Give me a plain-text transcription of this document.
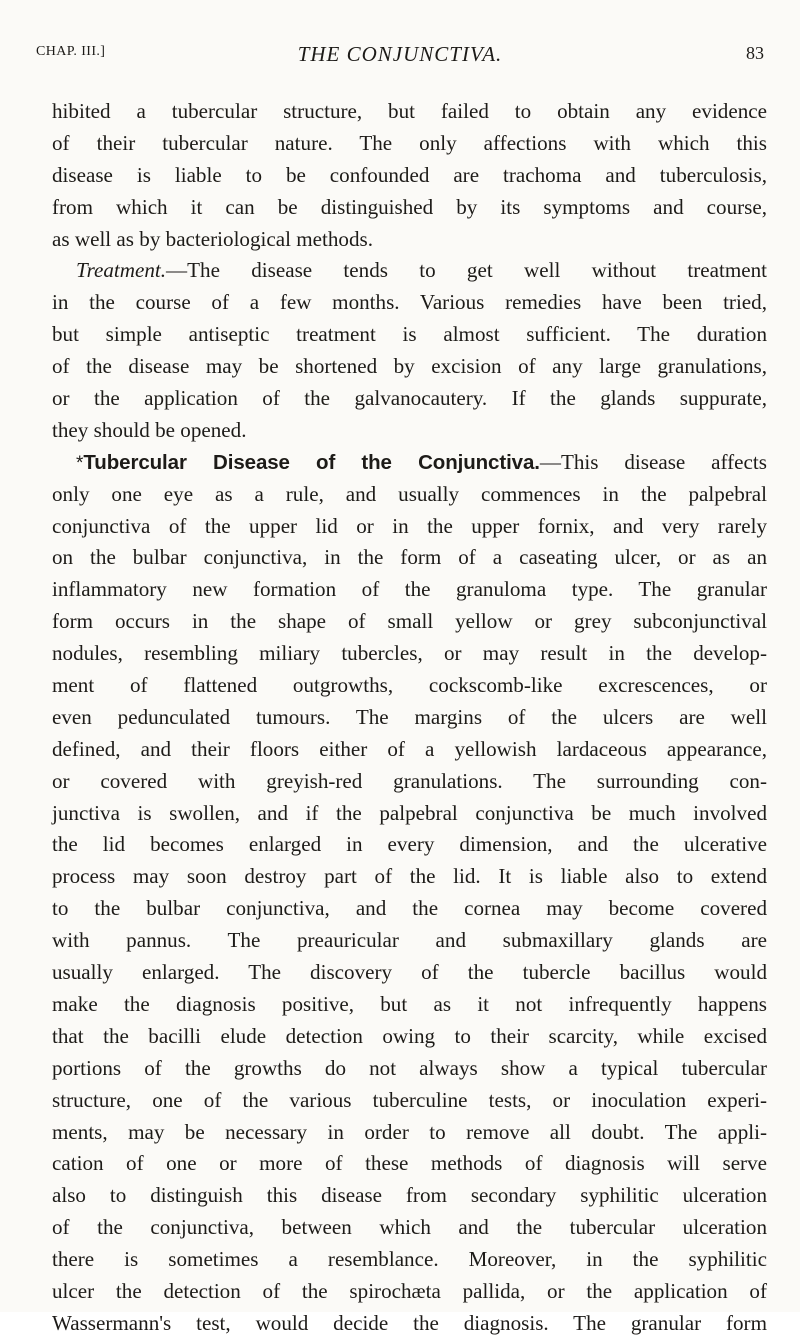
CHAP. III.]	THE CONJUNCTIVA.	83
hibited a tubercular structure, but failed to obtain any evidence
of their tubercular nature. The only affections with which this
disease is liable to be confounded are trachoma and tuberculosis,
from which it can be distinguished by its symptoms and course,
as well as by bacteriological methods.
Treatment.—The disease tends to get well without treatment
in the course of a few months. Various remedies have been tried,
but simple antiseptic treatment is almost sufficient. The duration
of the disease may be shortened by excision of any large granulations,
or the application of the galvanocautery. If the glands suppurate,
they should be opened.
*Tubercular Disease of the Conjunctiva.—This disease affects
only one eye as a rule, and usually commences in the palpebral
conjunctiva of the upper lid or in the upper fornix, and very rarely
on the bulbar conjunctiva, in the form of a caseating ulcer, or as an
inflammatory new formation of the granuloma type. The granular
form occurs in the shape of small yellow or grey subconjunctival
nodules, resembling miliary tubercles, or may result in the develop-
ment of flattened outgrowths, cockscomb-like excrescences, or
even pedunculated tumours. The margins of the ulcers are well
defined, and their floors either of a yellowish lardaceous appearance,
or covered with greyish-red granulations. The surrounding con-
junctiva is swollen, and if the palpebral conjunctiva be much involved
the lid becomes enlarged in every dimension, and the ulcerative
process may soon destroy part of the lid. It is liable also to extend
to the bulbar conjunctiva, and the cornea may become covered
with pannus. The preauricular and submaxillary glands are
usually enlarged. The discovery of the tubercle bacillus would
make the diagnosis positive, but as it not infrequently happens
that the bacilli elude detection owing to their scarcity, while excised
portions of the growths do not always show a typical tubercular
structure, one of the various tuberculine tests, or inoculation experi-
ments, may be necessary in order to remove all doubt. The appli-
cation of one or more of these methods of diagnosis will serve
also to distinguish this disease from secondary syphilitic ulceration
of the conjunctiva, between which and the tubercular ulceration
there is sometimes a resemblance. Moreover, in the syphilitic
ulcer the detection of the spirochæta pallida, or the application of
Wassermann's test, would decide the diagnosis. The granular form
